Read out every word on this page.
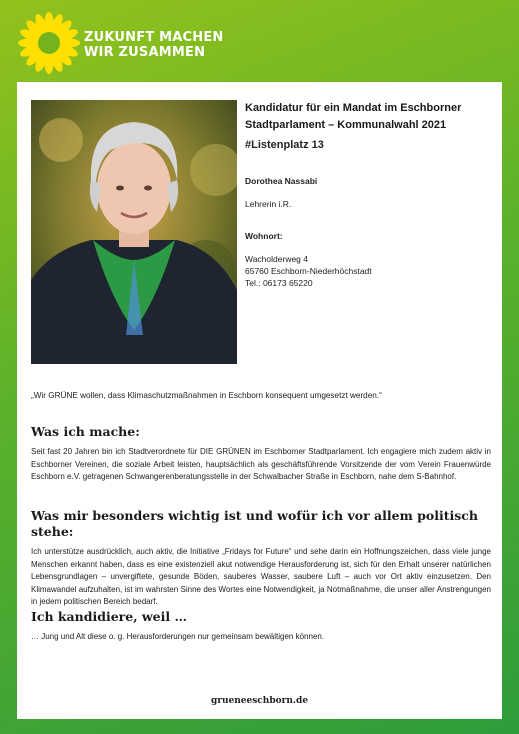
ZUKUNFT MACHEN
WIR ZUSAMMEN
Kandidatur für ein Mandat im Eschborner
Stadtparlament – Kommunalwahl 2021
#Listenplatz 13
Dorothea Nassabi
Lehrerin i.R.
Wohnort:
Wacholderweg 4
65760 Eschborn-Niederhöchstadt
Tel.: 06173 65220
„Wir GRÜNE wollen, dass Klimaschutzmaßnahmen in Eschborn konsequent umgesetzt werden.“
Was ich mache:

Seit fast 20 Jahren bin ich Stadtverordnete für DIE GRÜNEN im Eschborner Stadtparlament. Ich engagiere mich zudem aktiv in Eschborner Vereinen, die soziale Arbeit leisten, hauptsächlich als geschäftsführende Vorsitzende der vom Verein Frauenwürde Eschborn e.V. getragenen Schwangerenberatungsstelle in der Schwalbacher Straße in Eschborn, nahe dem S-Bahnhof.

Was mir besonders wichtig ist und wofür ich vor allem politisch stehe:

Ich unterstütze ausdrücklich, auch aktiv, die Initiative „Fridays for Future“ und sehe darin ein Hoffnungszeichen, dass viele junge Menschen erkannt haben, dass es eine existenziell akut notwendige Herausforderung ist, sich für den Erhalt unserer natürlichen Lebensgrundlagen – unvergiftete, gesunde Böden, sauberes Wasser, saubere Luft – auch vor Ort aktiv einzusetzen. Den Klimawandel aufzuhalten, ist im wahrsten Sinne des Wortes eine Notwendigkeit, ja Notmaßnahme, die unser aller Anstrengungen in jedem politischen Bereich bedarf.

Ich kandidiere, weil …

… Jung und Alt diese o. g. Herausforderungen nur gemeinsam bewältigen können.

grueneeschborn.de
